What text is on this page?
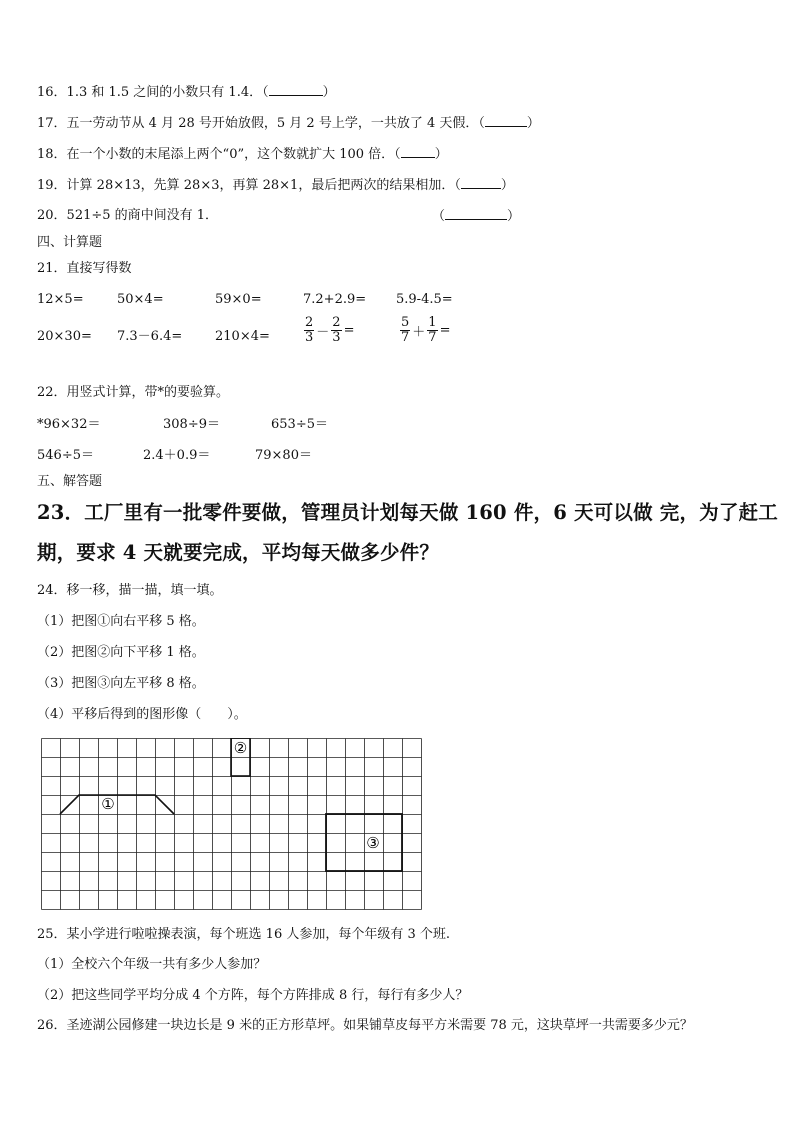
16．1.3 和 1.5 之间的小数只有 1.4．（	）
17．五一劳动节从 4 月 28 号开始放假，5 月 2 号上学，一共放了 4 天假．（	）
18．在一个小数的末尾添上两个“0”，这个数就扩大 100 倍．（	）
19．计算 28×13，先算 28×3，再算 28×1，最后把两次的结果相加．（	）
20．521÷5 的商中间没有 1．	（	）
四、计算题
21．直接写得数
12×5=	50×4=	59×0=	7.2+2.9= 5.9-4.5=
20×30= 7.3－6.4=	210×4=	$\frac{2}{3} - \frac{2}{3}$ =	$\frac{5}{7} + \frac{1}{7}$ =
22．用竖式计算，带*的要验算。
*96×32＝	308÷9＝	653÷5＝
546÷5＝	2.4＋0.9＝	79×80＝
五、解答题
23．工厂里有一批零件要做，管理员计划每天做 160 件，6 天可以做 完，为了赶工
期，要求 4 天就要完成，平均每天做多少件？
24．移一移，描一描，填一填。
（1）把图①向右平移 5 格。
（2）把图②向下平移 1 格。
（3）把图③向左平移 8 格。
（4）平移后得到的图形像（　　）。
①
②
③
25．某小学进行啦啦操表演，每个班选 16 人参加，每个年级有 3 个班.
（1）全校六个年级一共有多少人参加？
（2）把这些同学平均分成 4 个方阵，每个方阵排成 8 行，每行有多少人？
26．圣迹湖公园修建一块边长是 9 米的正方形草坪。如果铺草皮每平方米需要 78 元，这块草坪一共需要多少元？
